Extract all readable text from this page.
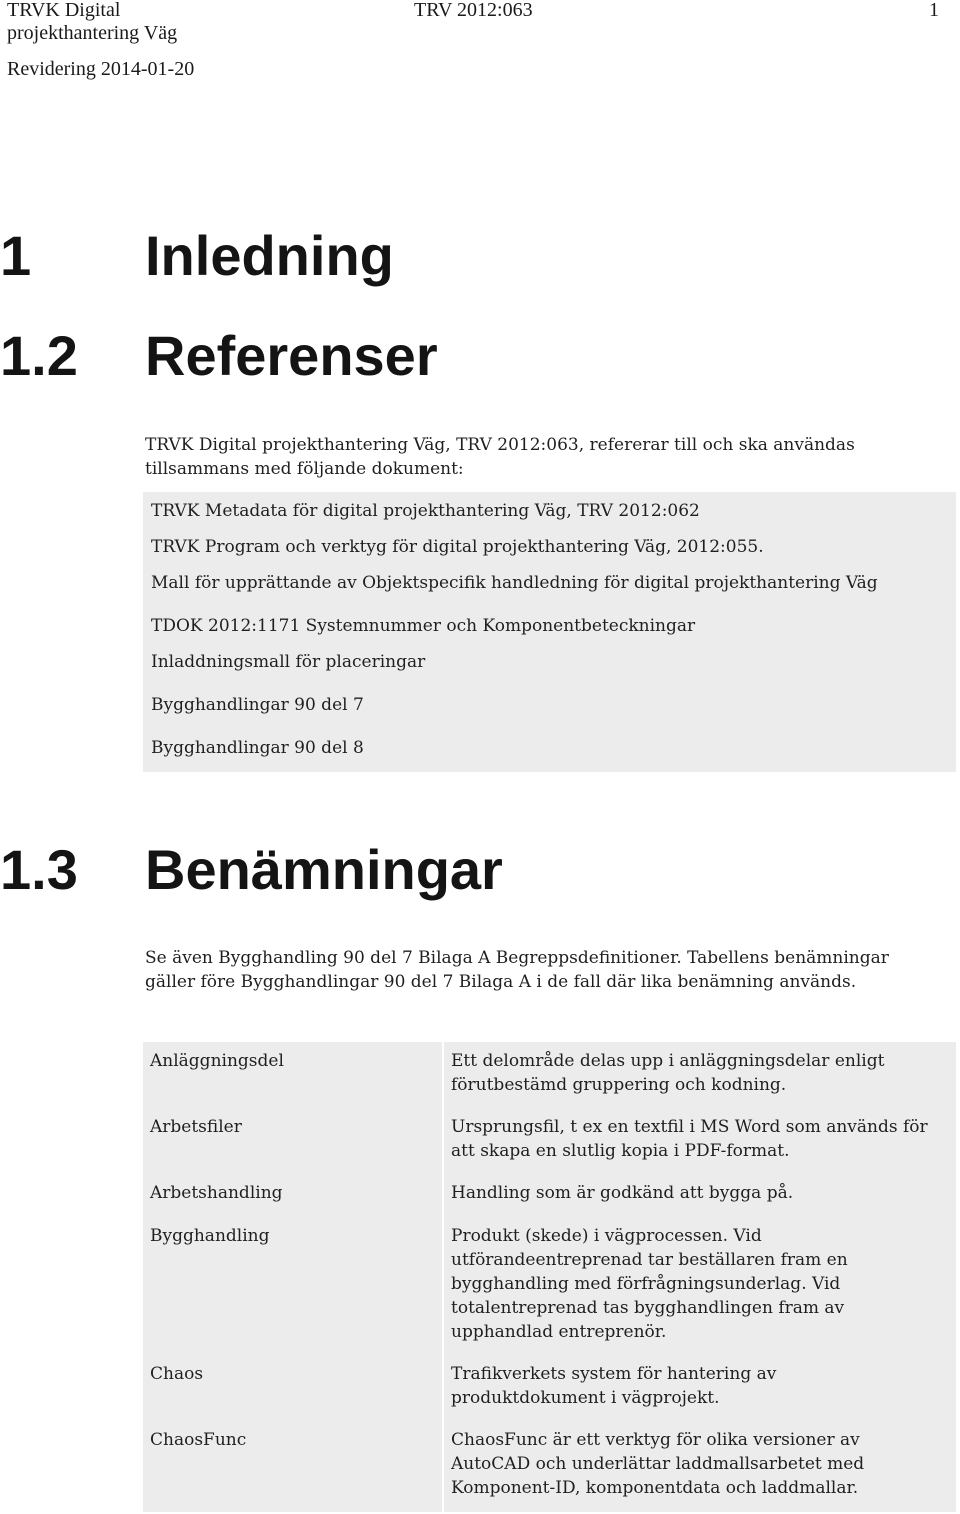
TRVK Digital
projekthantering Väg
TRV 2012:063	1
Revidering 2014-01-20
1 Inledning
1.2 Referenser
TRVK Digital projekthantering Väg, TRV 2012:063, refererar till och ska användas
tillsammans med följande dokument:
TRVK Metadata för digital projekthantering Väg, TRV 2012:062
TRVK Program och verktyg för digital projekthantering Väg, 2012:055.
Mall för upprättande av Objektspecifik handledning för digital projekthantering Väg
TDOK 2012:1171 Systemnummer och Komponentbeteckningar
Inladdningsmall för placeringar
Bygghandlingar 90 del 7
Bygghandlingar 90 del 8
1.3 Benämningar
Se även Bygghandling 90 del 7 Bilaga A Begreppsdefinitioner. Tabellens benämningar
gäller före Bygghandlingar 90 del 7 Bilaga A i de fall där lika benämning används.
Anläggningsdel	Ett delområde delas upp i anläggningsdelar enligt förutbestämd gruppering och kodning.
Arbetsfiler	Ursprungsfil, t ex en textfil i MS Word som används för att skapa en slutlig kopia i PDF-format.
Arbetshandling	Handling som är godkänd att bygga på.
Bygghandling	Produkt (skede) i vägprocessen. Vid utförandeentreprenad tar beställaren fram en bygghandling med förfrågningsunderlag. Vid totalentreprenad tas bygghandlingen fram av upphandlad entreprenör.
Chaos	Trafikverkets system för hantering av produktdokument i vägprojekt.
ChaosFunc	ChaosFunc är ett verktyg för olika versioner av AutoCAD och underlättar laddmallsarbetet med Komponent-ID, komponentdata och laddmallar.
